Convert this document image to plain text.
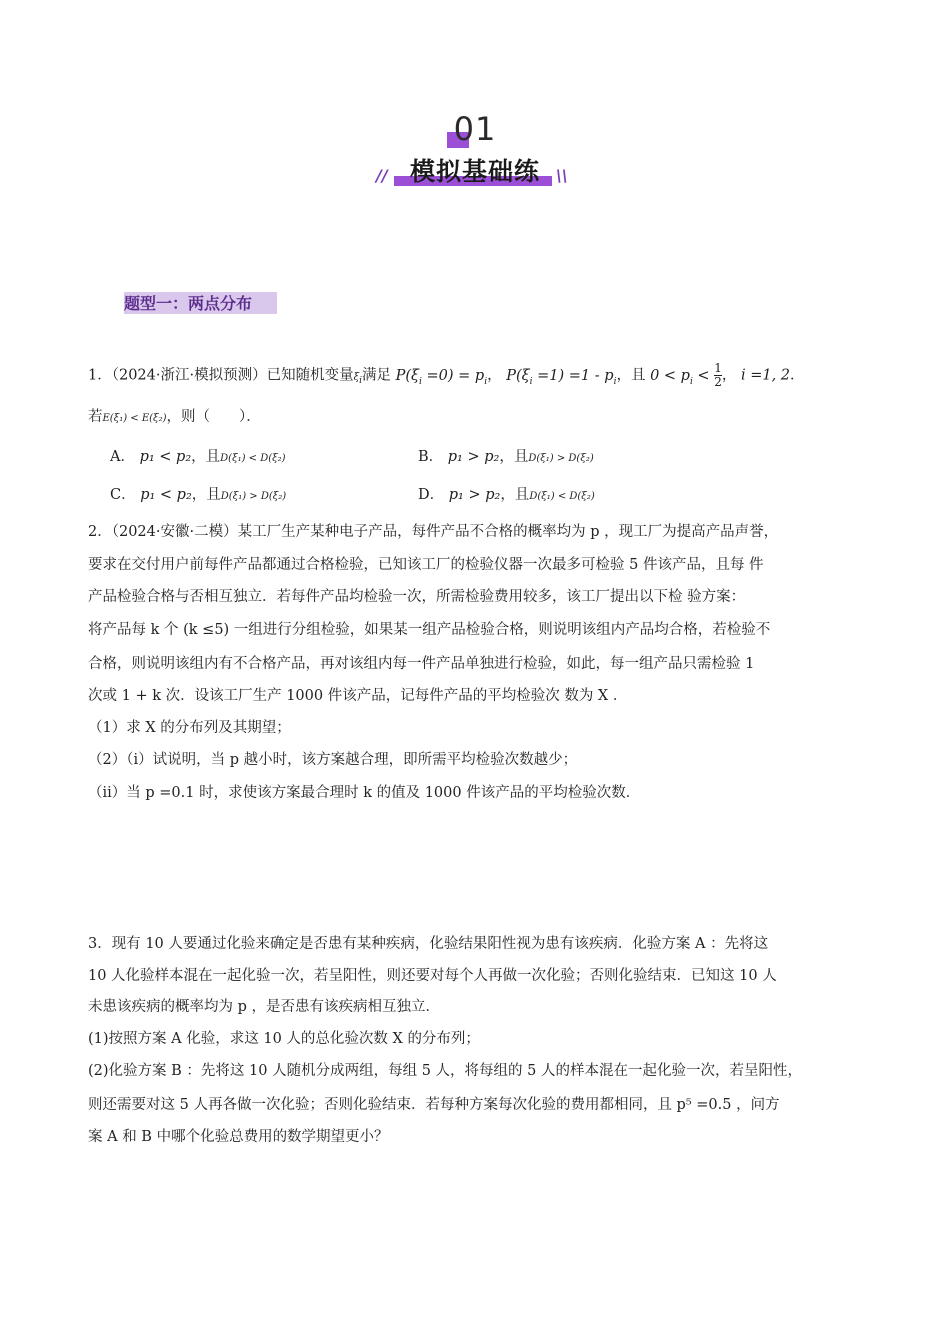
01
模拟基础练
//	\\
题型一：两点分布
1．（2024·浙江·模拟预测）已知随机变量$\xi_i$满足 $P(\xi_i =0) = p_i$， $P(\xi_i =1) =1 - p_i$，且 $0 < p_i < \frac{1}{2}$ ， i =1, 2．
若E(ξ₁) < E(ξ₂)，则（　　）．
A． p₁ < p₂，且D(ξ₁) < D(ξ₂)	B． p₁ > p₂，且D(ξ₁) > D(ξ₂)
C． p₁ < p₂，且D(ξ₁) > D(ξ₂)	D． p₁ > p₂，且D(ξ₁) < D(ξ₂)
2．（2024·安徽·二模）某工厂生产某种电子产品，每件产品不合格的概率均为 p ，现工厂为提高产品声誉，
要求在交付用户前每件产品都通过合格检验，已知该工厂的检验仪器一次最多可检验 5 件该产品，且每 件
产品检验合格与否相互独立．若每件产品均检验一次，所需检验费用较多，该工厂提出以下检 验方案：
将产品每 k 个 (k ≤5) 一组进行分组检验，如果某一组产品检验合格，则说明该组内产品均合格，若检验不
合格，则说明该组内有不合格产品，再对该组内每一件产品单独进行检验，如此，每一组产品只需检验 1
次或 1 + k 次．设该工厂生产 1000 件该产品，记每件产品的平均检验次 数为 X ．
（1）求 X 的分布列及其期望；
（2）（i）试说明，当 p 越小时，该方案越合理，即所需平均检验次数越少；
（ii）当 p =0.1 时，求使该方案最合理时 k 的值及 1000 件该产品的平均检验次数．
3．现有 10 人要通过化验来确定是否患有某种疾病，化验结果阳性视为患有该疾病．化验方案 A ：先将这
10 人化验样本混在一起化验一次，若呈阳性，则还要对每个人再做一次化验；否则化验结束．已知这 10 人
未患该疾病的概率均为 p ，是否患有该疾病相互独立．
(1)按照方案 A 化验，求这 10 人的总化验次数 X 的分布列；
(2)化验方案 B ：先将这 10 人随机分成两组，每组 5 人，将每组的 5 人的样本混在一起化验一次，若呈阳性，
则还需要对这 5 人再各做一次化验；否则化验结束．若每种方案每次化验的费用都相同，且 p⁵ =0.5 ，问方
案 A 和 B 中哪个化验总费用的数学期望更小？
